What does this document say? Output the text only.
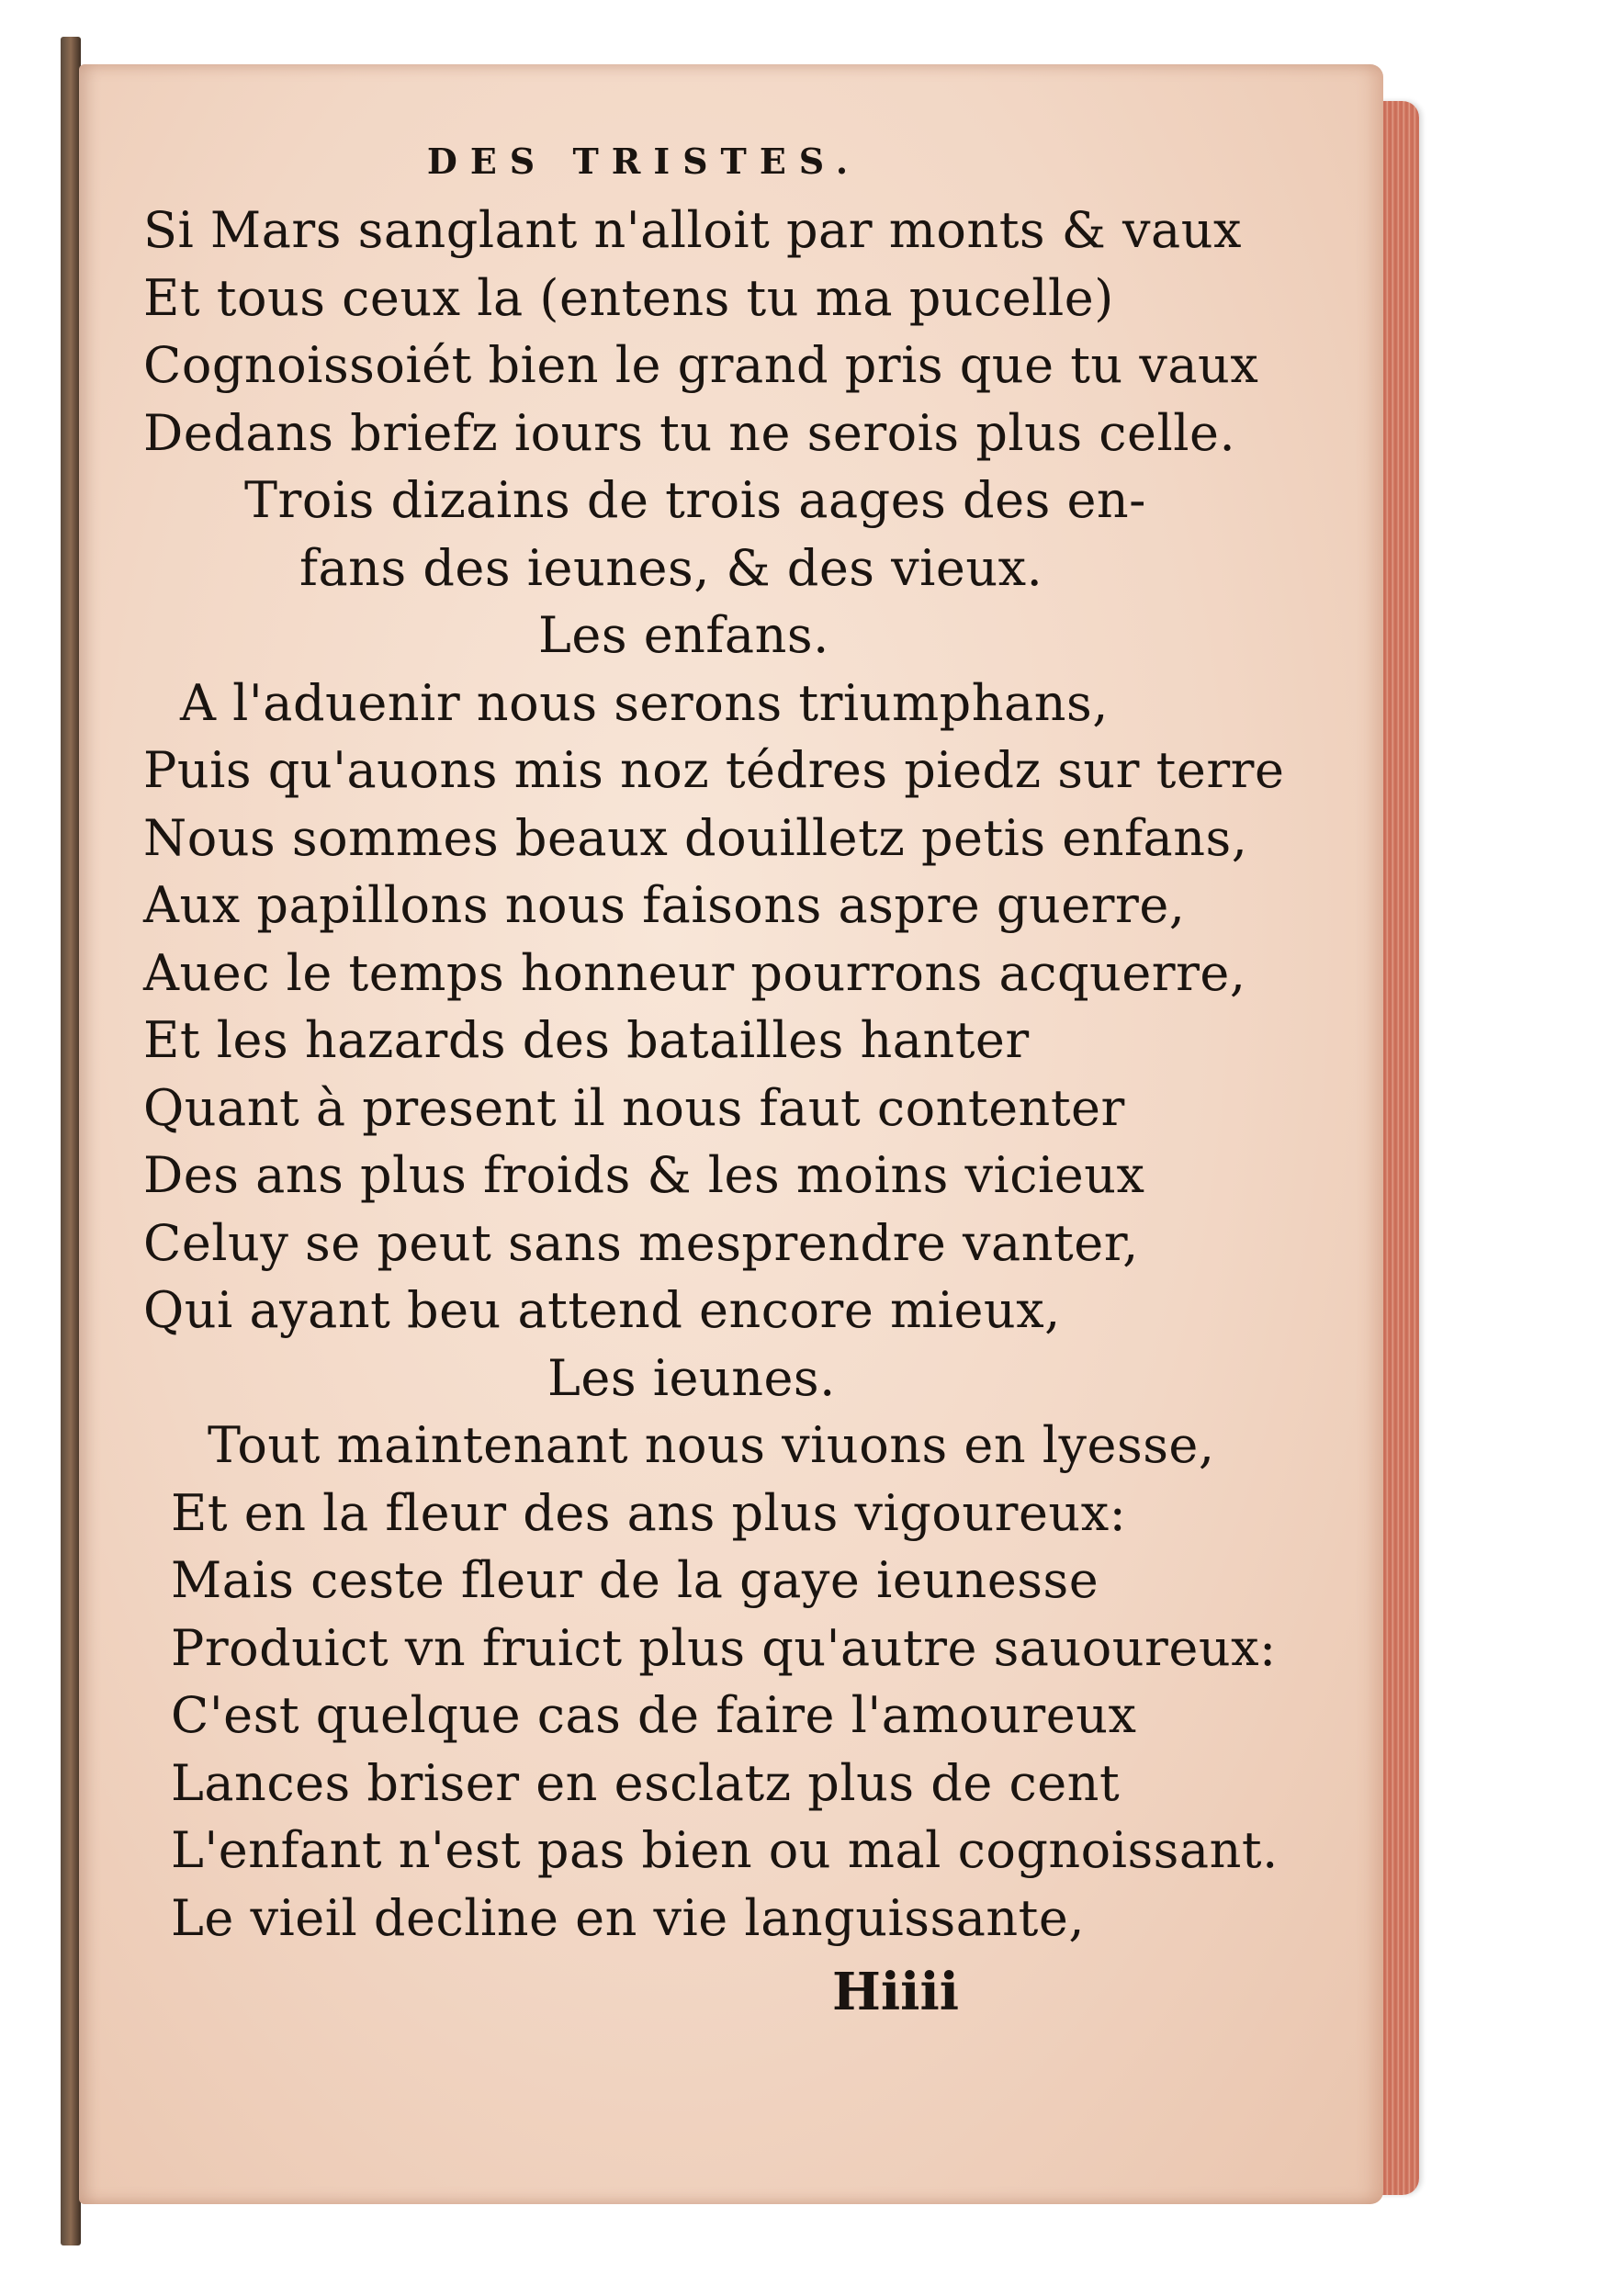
DES TRISTES.
Si Mars sanglant n'alloit par monts & vaux
Et tous ceux la (entens tu ma pucelle)
Cognoissoiét bien le grand pris que tu vaux
Dedans briefz iours tu ne serois plus celle.
Trois dizains de trois aages des en-
fans des ieunes, & des vieux.
Les enfans.
A l'aduenir nous serons triumphans,
Puis qu'auons mis noz tédres piedz sur terre
Nous sommes beaux douilletz petis enfans,
Aux papillons nous faisons aspre guerre,
Auec le temps honneur pourrons acquerre,
Et les hazards des batailles hanter
Quant à present il nous faut contenter
Des ans plus froids & les moins vicieux
Celuy se peut sans mesprendre vanter,
Qui ayant beu attend encore mieux,
Les ieunes.
Tout maintenant nous viuons en lyesse,
Et en la fleur des ans plus vigoureux:
Mais ceste fleur de la gaye ieunesse
Produict vn fruict plus qu'autre sauoureux:
C'est quelque cas de faire l'amoureux
Lances briser en esclatz plus de cent
L'enfant n'est pas bien ou mal cognoissant.
Le vieil decline en vie languissante,
Hiiii
